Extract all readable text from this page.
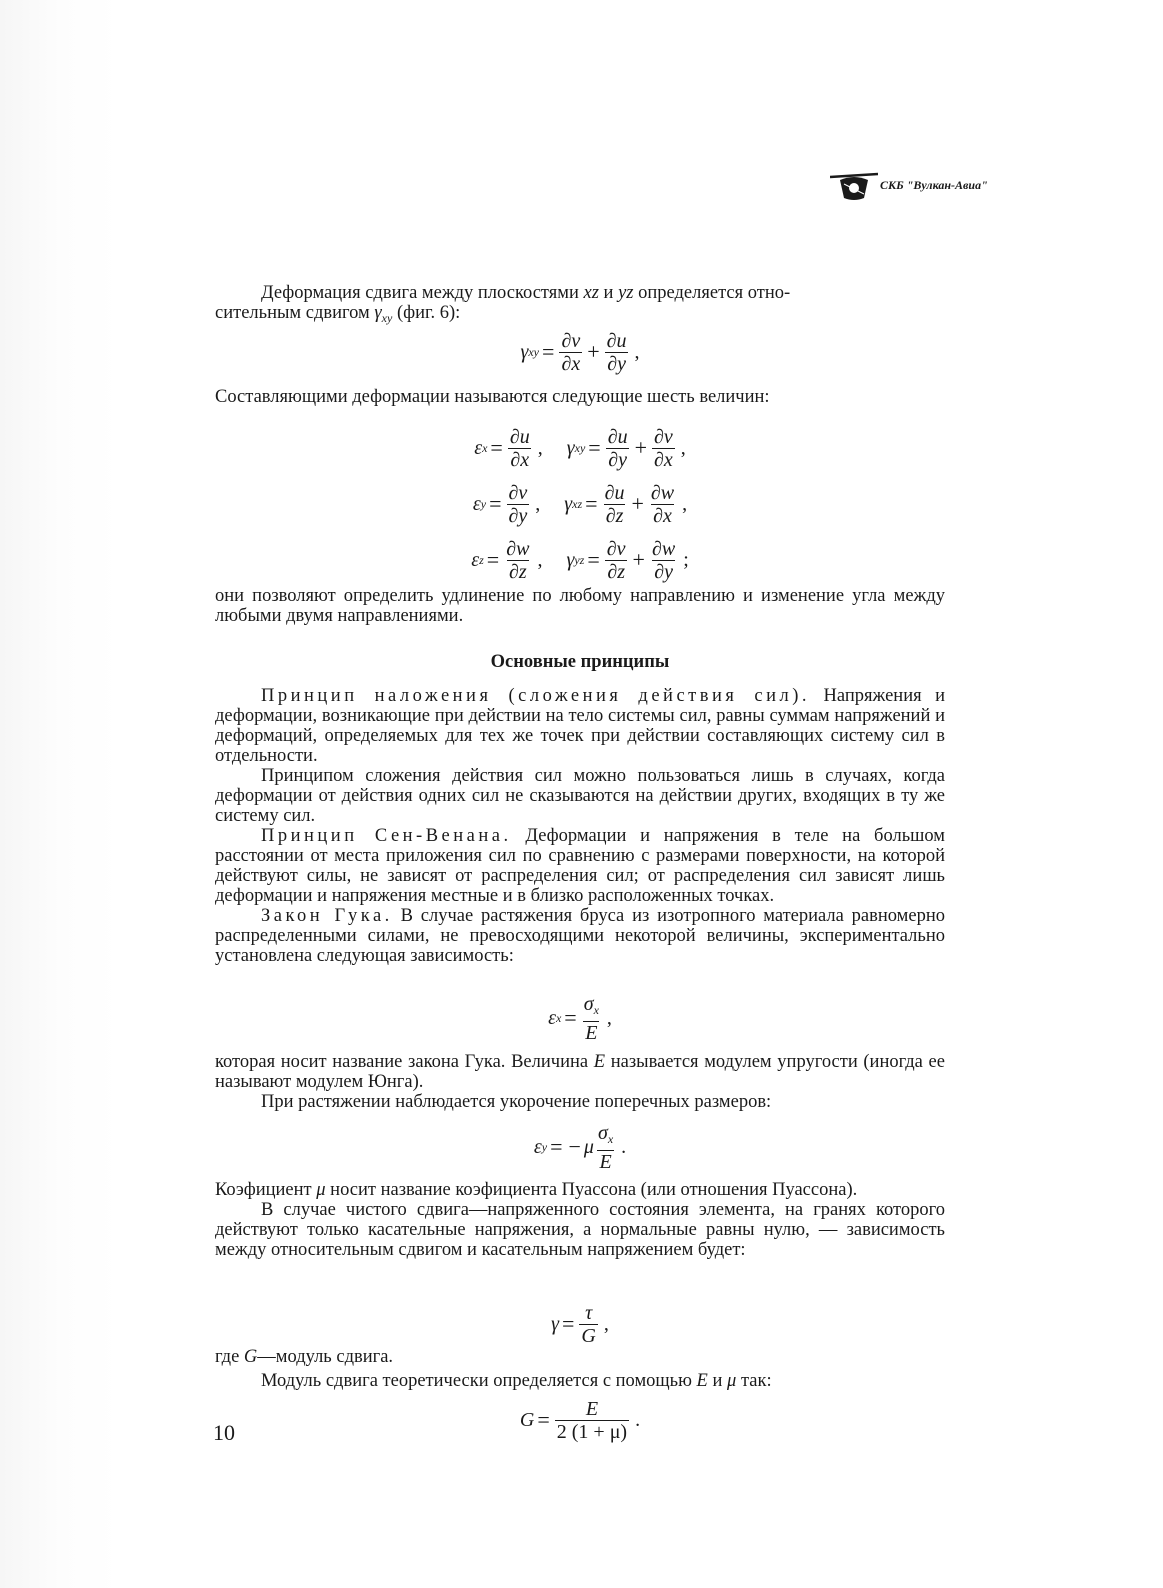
СКБ "Вулкан-Авиа"

Деформация сдвига между плоскостями xz и yz определяется отно-

сительным сдвигом $\gamma_{xy}$ (фиг. 6):

γ xy = $\frac{\partial v}{\partial x} + \frac{\partial u}{\partial y}$ ,

Составляющими деформации называются следующие шесть величин:

ε $x = \frac{\partial u}{\partial x}$ , γ xy = $\frac{\partial u}{\partial y} + \frac{\partial v}{\partial x}$ ,
ε $y = \frac{\partial v}{\partial y}$ , γ xz = $\frac{\partial u}{\partial z} + \frac{\partial w}{\partial x}$ ,
ε $z = \frac{\partial w}{\partial z}$ , γ yz = $\frac{\partial v}{\partial z} + \frac{\partial w}{\partial y}$ ;

они позволяют определить удлинение по любому направлению и изменение угла между любыми двумя направлениями.

Основные принципы

Принцип наложения (сложения действия сил). Напряжения и деформации, возникающие при действии на тело системы сил, равны суммам напряжений и деформаций, определяемых для тех же точек при действии составляющих систему сил в отдельности.

Принципом сложения действия сил можно пользоваться лишь в случаях, когда деформации от действия одних сил не сказываются на действии других, входящих в ту же систему сил.

Принцип Сен-Венана. Деформации и напряжения в теле на большом расстоянии от места приложения сил по сравнению с размерами поверхности, на которой действуют силы, не зависят от распределения сил; от распределения сил зависят лишь деформации и напряжения местные и в близко расположенных точках.

Закон Гука. В случае растяжения бруса из изотропного материала равномерно распределенными силами, не превосходящими некоторой величины, экспериментально установлена следующая зависимость:

ε $x = \frac{\sigma_x}{E}$ ,

которая носит название закона Гука. Величина E называется модулем упругости (иногда ее называют модулем Юнга).

При растяжении наблюдается укорочение поперечных размеров:

ε y = − μ $\frac{\sigma_x}{E}$ .

Коэфициент μ носит название коэфициента Пуассона (или отношения Пуассона).

В случае чистого сдвига—напряженного состояния элемента, на гранях которого действуют только касательные напряжения, а нормальные равны нулю, — зависимость между относительным сдвигом и касательным напряжением будет:

$\gamma = \frac{\tau}{G}$ ,

где G—модуль сдвига.

Модуль сдвига теоретически определяется с помощью E и μ так:

$G = \frac{E}{2 (1 + \mu)}$ .
10
